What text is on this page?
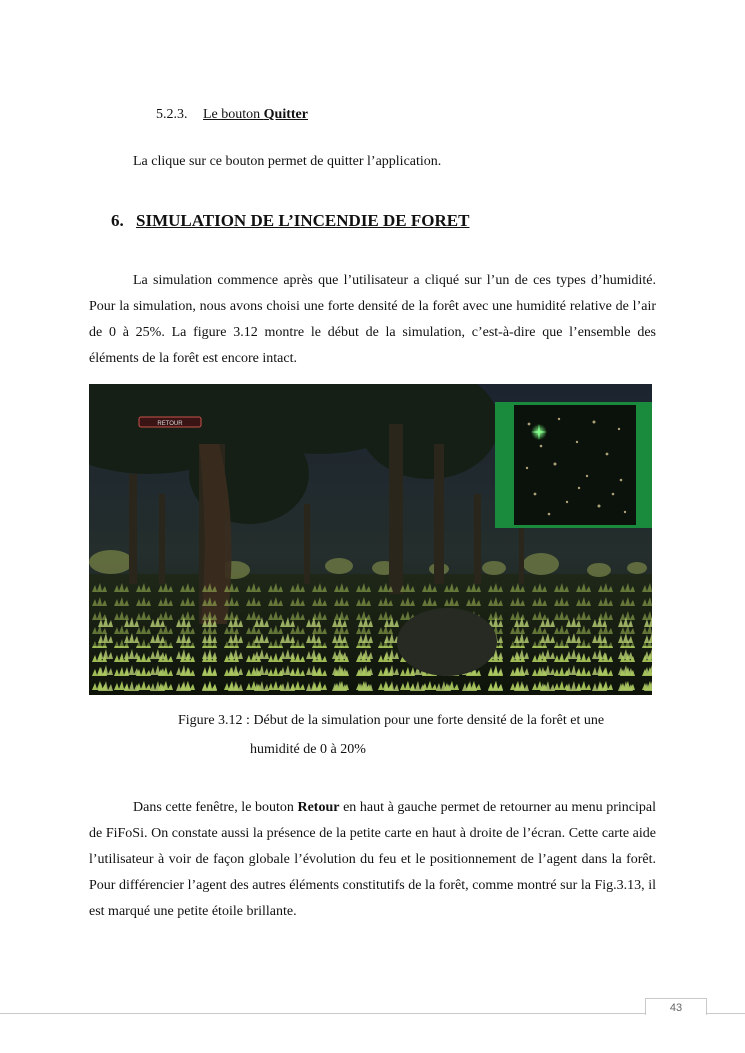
5.2.3. Le bouton Quitter
La clique sur ce bouton permet de quitter l’application.
6. SIMULATION DE L’INCENDIE DE FORET

La simulation commence après que l’utilisateur a cliqué sur l’un de ces types d’humidité. Pour la simulation, nous avons choisi une forte densité de la forêt avec une humidité relative de l’air de 0 à 25%. La figure 3.12 montre le début de la simulation, c’est-à-dire que l’ensemble des éléments de la forêt est encore intact.

RETOUR
Figure 3.12 : Début de la simulation pour une forte densité de la forêt et une
humidité de 0 à 20%

Dans cette fenêtre, le bouton Retour en haut à gauche permet de retourner au menu principal de FiFoSi. On constate aussi la présence de la petite carte en haut à droite de l’écran. Cette carte aide l’utilisateur à voir de façon globale l’évolution du feu et le positionnement de l’agent dans la forêt. Pour différencier l’agent des autres éléments constitutifs de la forêt, comme montré sur la Fig.3.13, il est marqué une petite étoile brillante.

43
